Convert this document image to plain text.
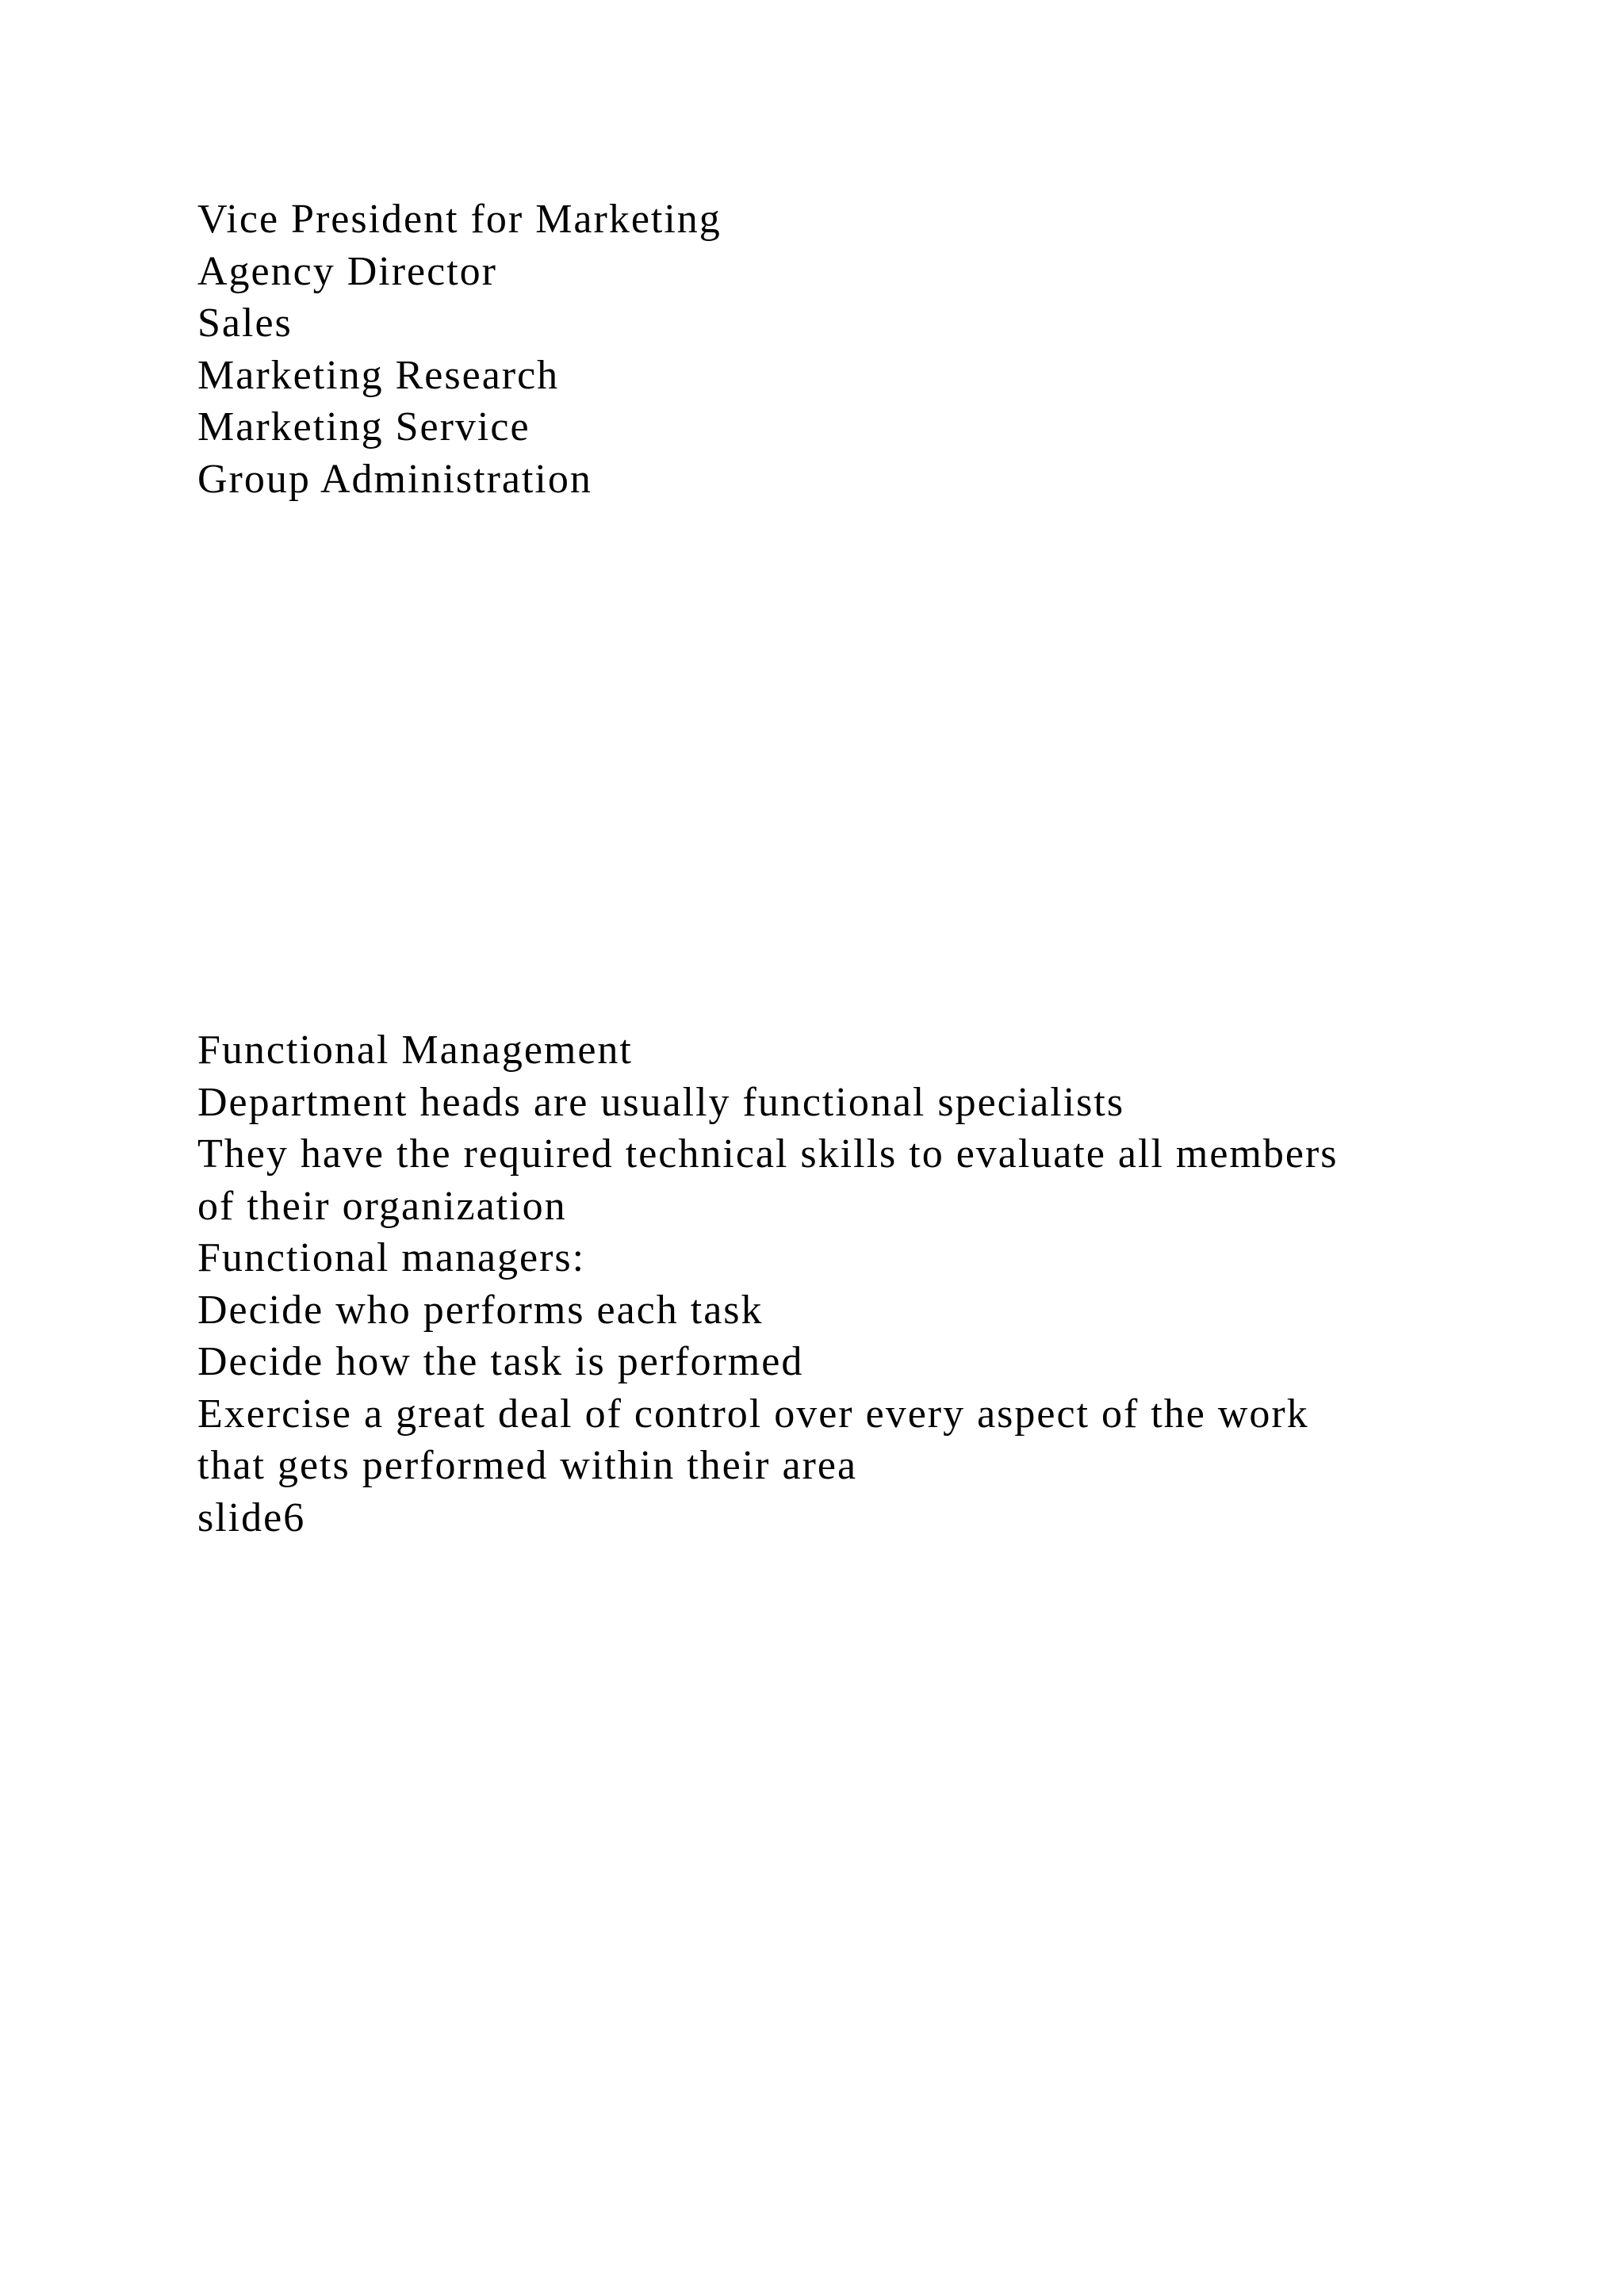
Vice President for Marketing
Agency Director
Sales
Marketing Research
Marketing Service
Group Administration
Functional Management
Department heads are usually functional specialists
They have the required technical skills to evaluate all members
of their organization
Functional managers:
Decide who performs each task
Decide how the task is performed
Exercise a great deal of control over every aspect of the work
that gets performed within their area
slide6
